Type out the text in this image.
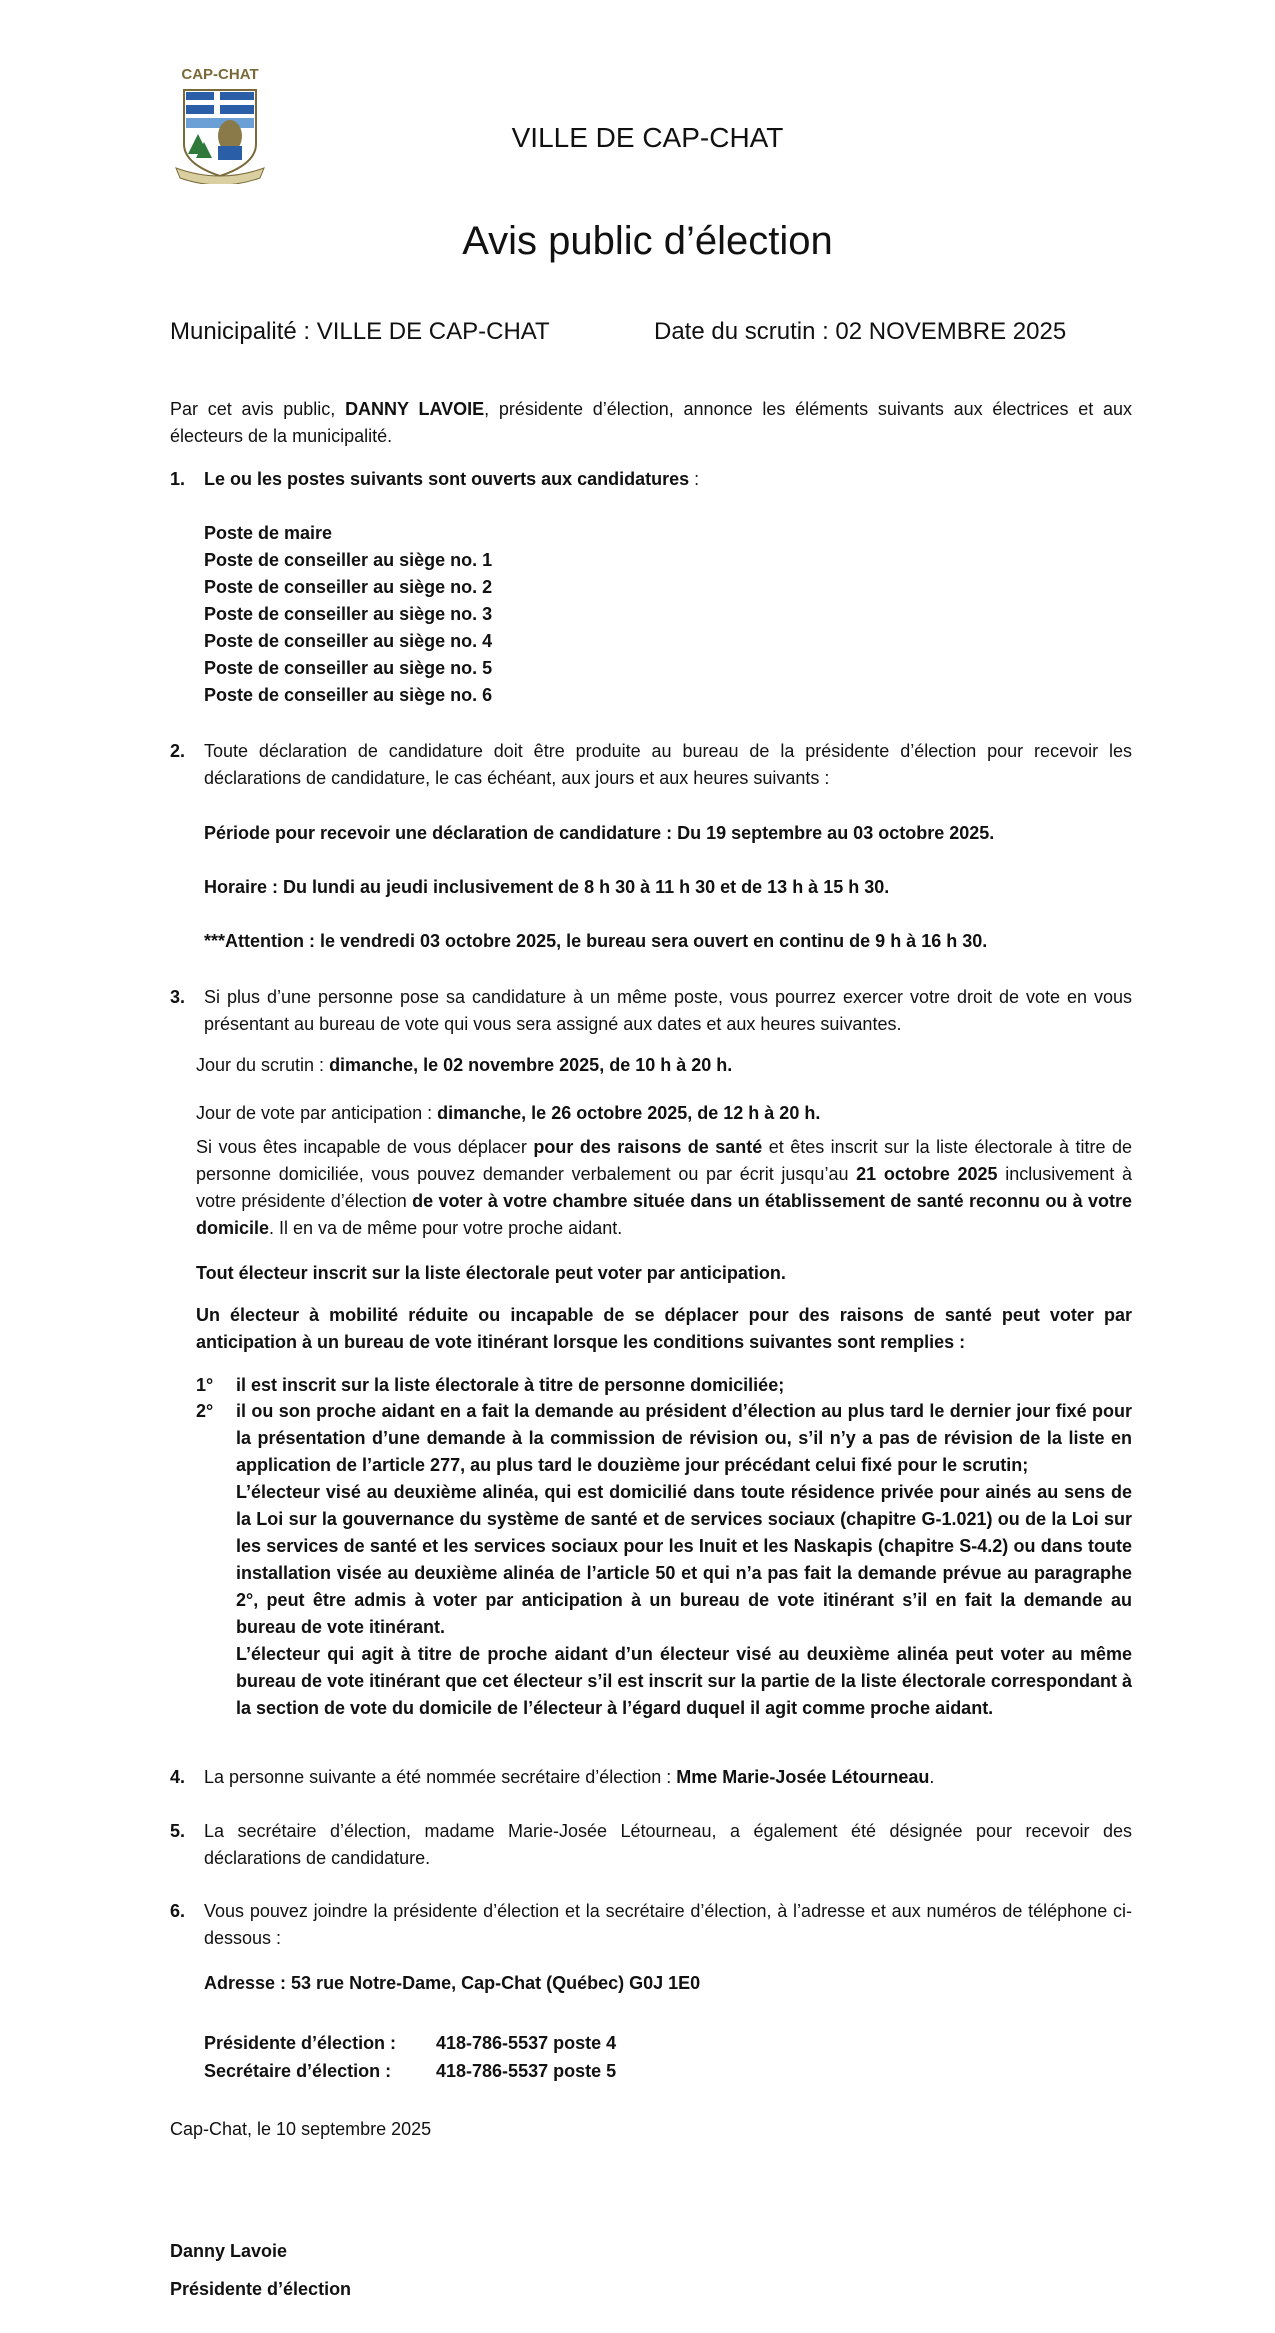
CAP-CHAT
VILLE DE CAP-CHAT
Avis public d’élection
Municipalité : VILLE DE CAP-CHAT	Date du scrutin : 02 NOVEMBRE 2025
Par cet avis public, DANNY LAVOIE, présidente d’élection, annonce les éléments suivants aux électrices et aux électeurs de la municipalité.
1. Le ou les postes suivants sont ouverts aux candidatures :
Poste de maire
Poste de conseiller au siège no. 1
Poste de conseiller au siège no. 2
Poste de conseiller au siège no. 3
Poste de conseiller au siège no. 4
Poste de conseiller au siège no. 5
Poste de conseiller au siège no. 6
2. Toute déclaration de candidature doit être produite au bureau de la présidente d’élection pour recevoir les déclarations de candidature, le cas échéant, aux jours et aux heures suivants :
Période pour recevoir une déclaration de candidature : Du 19 septembre au 03 octobre 2025.
Horaire : Du lundi au jeudi inclusivement de 8 h 30 à 11 h 30 et de 13 h à 15 h 30.
***Attention : le vendredi 03 octobre 2025, le bureau sera ouvert en continu de 9 h à 16 h 30.
3. Si plus d’une personne pose sa candidature à un même poste, vous pourrez exercer votre droit de vote en vous présentant au bureau de vote qui vous sera assigné aux dates et aux heures suivantes.
Jour du scrutin : dimanche, le 02 novembre 2025, de 10 h à 20 h.
Jour de vote par anticipation : dimanche, le 26 octobre 2025, de 12 h à 20 h.
Si vous êtes incapable de vous déplacer pour des raisons de santé et êtes inscrit sur la liste électorale à titre de personne domiciliée, vous pouvez demander verbalement ou par écrit jusqu’au 21 octobre 2025 inclusivement à votre présidente d’élection de voter à votre chambre située dans un établissement de santé reconnu ou à votre domicile. Il en va de même pour votre proche aidant.
Tout électeur inscrit sur la liste électorale peut voter par anticipation.
Un électeur à mobilité réduite ou incapable de se déplacer pour des raisons de santé peut voter par anticipation à un bureau de vote itinérant lorsque les conditions suivantes sont remplies :
1° il est inscrit sur la liste électorale à titre de personne domiciliée;
2° il ou son proche aidant en a fait la demande au président d’élection au plus tard le dernier jour fixé pour la présentation d’une demande à la commission de révision ou, s’il n’y a pas de révision de la liste en application de l’article 277, au plus tard le douzième jour précédant celui fixé pour le scrutin;
L’électeur visé au deuxième alinéa, qui est domicilié dans toute résidence privée pour ainés au sens de la Loi sur la gouvernance du système de santé et de services sociaux (chapitre G-1.021) ou de la Loi sur les services de santé et les services sociaux pour les Inuit et les Naskapis (chapitre S-4.2) ou dans toute installation visée au deuxième alinéa de l’article 50 et qui n’a pas fait la demande prévue au paragraphe 2°, peut être admis à voter par anticipation à un bureau de vote itinérant s’il en fait la demande au bureau de vote itinérant.
L’électeur qui agit à titre de proche aidant d’un électeur visé au deuxième alinéa peut voter au même bureau de vote itinérant que cet électeur s’il est inscrit sur la partie de la liste électorale correspondant à la section de vote du domicile de l’électeur à l’égard duquel il agit comme proche aidant.
4. La personne suivante a été nommée secrétaire d’élection : Mme Marie-Josée Létourneau.
5. La secrétaire d’élection, madame Marie-Josée Létourneau, a également été désignée pour recevoir des déclarations de candidature.
6. Vous pouvez joindre la présidente d’élection et la secrétaire d’élection, à l’adresse et aux numéros de téléphone ci-dessous :
Adresse : 53 rue Notre-Dame, Cap-Chat (Québec) G0J 1E0
Présidente d’élection : 418-786-5537 poste 4
Secrétaire d’élection : 418-786-5537 poste 5
Cap-Chat, le 10 septembre 2025
Danny Lavoie
Présidente d’élection
